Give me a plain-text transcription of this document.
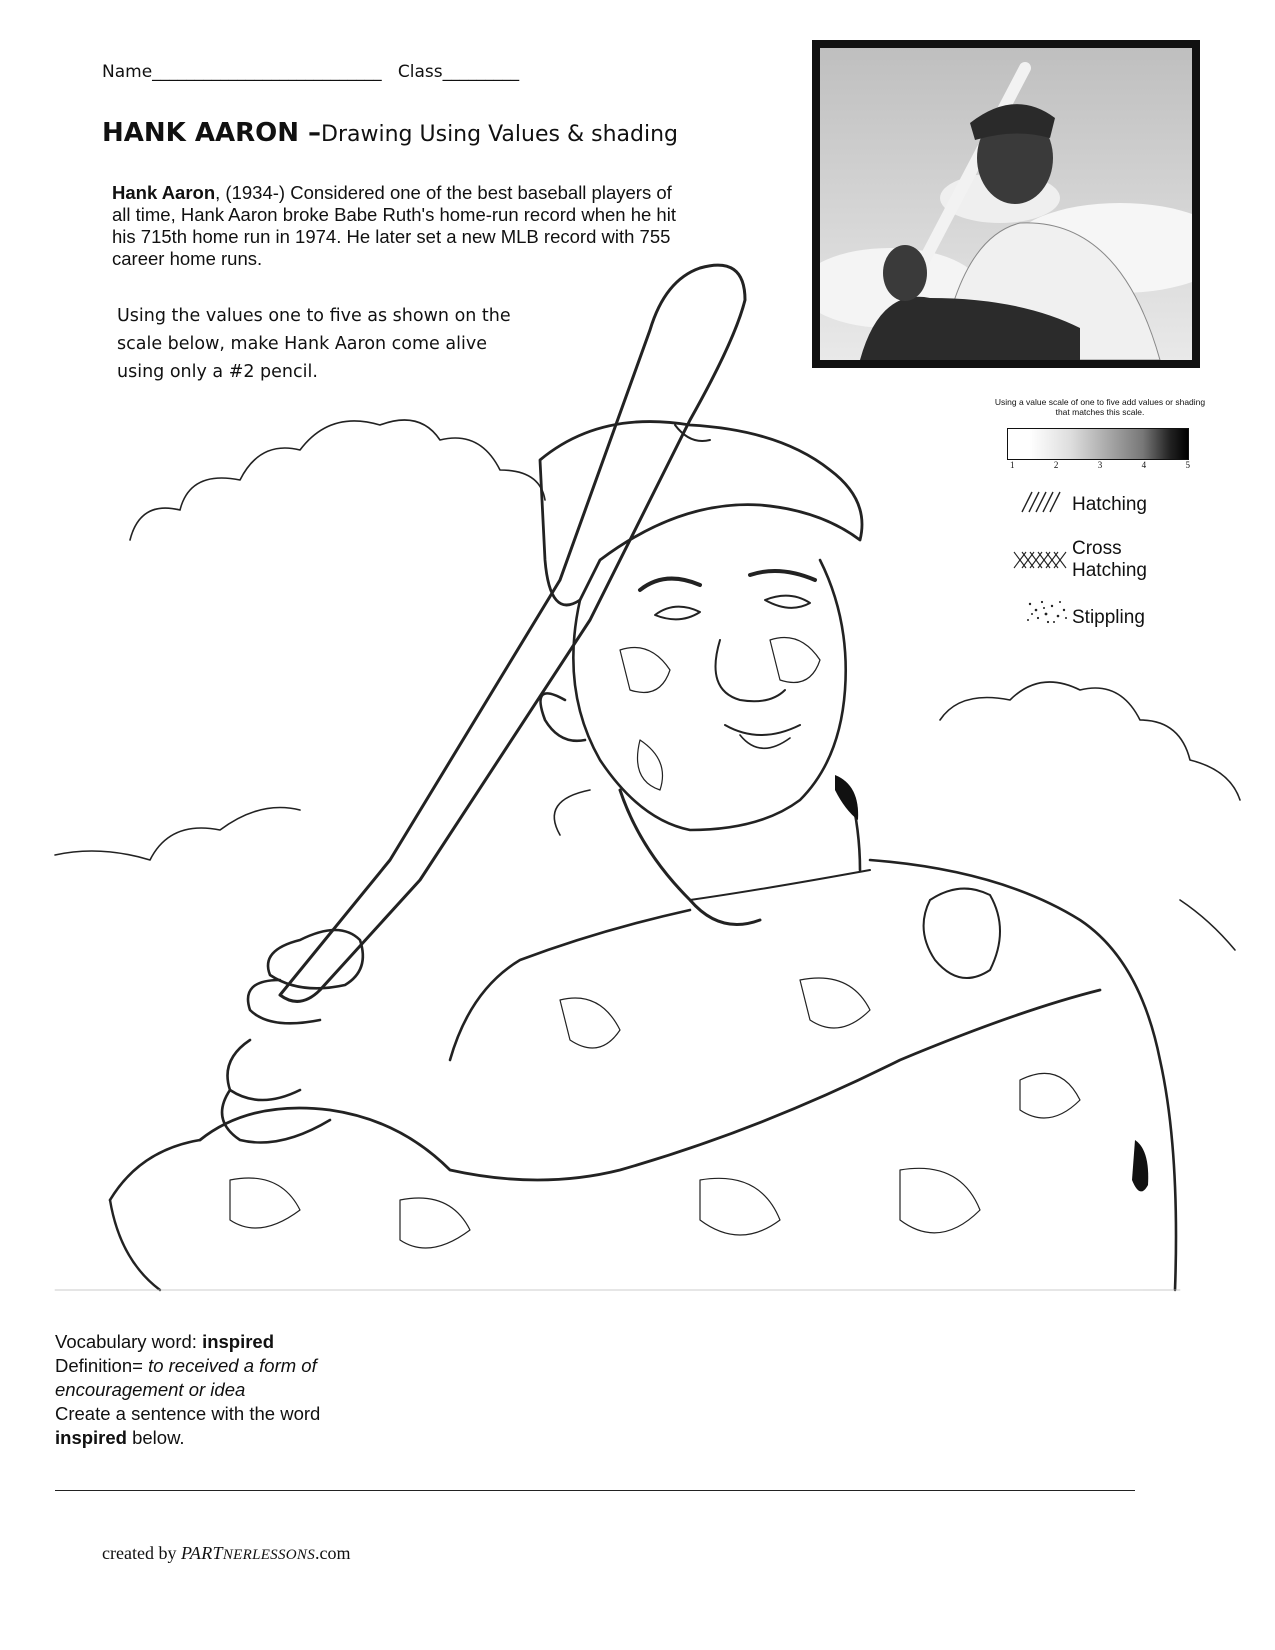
Name___________________________ Class_________
HANK AARON –Drawing Using Values & shading
Hank Aaron, (1934-) Considered one of the best baseball players of all time, Hank Aaron broke Babe Ruth's home-run record when he hit his 715th home run in 1974. He later set a new MLB record with 755 career home runs.
Using the values one to five as shown on the scale below, make Hank Aaron come alive using only a #2 pencil.
Using a value scale of one to five add values or shading that matches this scale.
1	2	3	4	5
Hatching
Cross
Hatching
Stippling
Vocabulary word: inspired
Definition= to received a form of encouragement or idea
Create a sentence with the word inspired below.
created by PARTNERLESSONS.com
